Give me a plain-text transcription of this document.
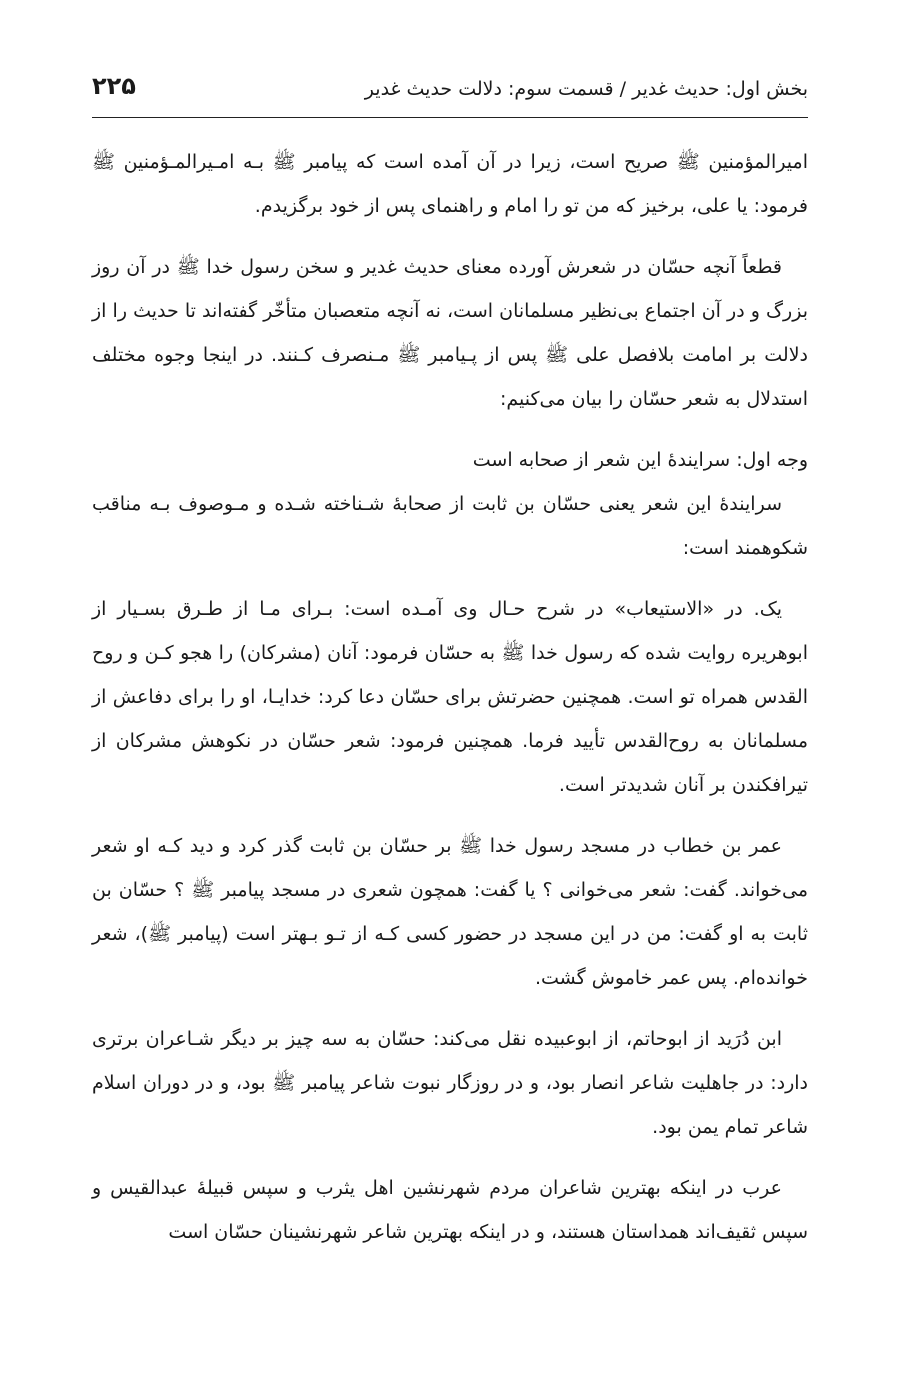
۲۲۵	بخش اول: حدیث غدیر / قسمت سوم: دلالت حدیث غدیر

امیرالمؤمنین ﷺ صریح است، زیرا در آن آمده است که پیامبر ﷺ بـه امـیرالمـؤمنین ﷺ فرمود: یا علی، برخیز که من تو را امام و راهنمای پس از خود برگزیدم.

قطعاً آنچه حسّان در شعرش آورده معنای حدیث غدیر و سخن رسول خدا ﷺ در آن روز بزرگ و در آن اجتماع بی‌نظیر مسلمانان است، نه آنچه متعصبان متأخّر گفته‌اند تا حدیث را از دلالت بر امامت بلافصل علی ﷺ پس از پـیامبر ﷺ مـنصرف کـنند. در اینجا وجوه مختلف استدلال به شعر حسّان را بیان می‌کنیم:

وجه اول: سرایندهٔ این شعر از صحابه است

سرایندهٔ این شعر یعنی حسّان بن ثابت از صحابهٔ شـناخته شـده و مـوصوف بـه مناقب شکوهمند است:

یک. در «الاستیعاب» در شرح حـال وی آمـده است: بـرای مـا از طـرق بسـیار از ابوهریره روایت شده که رسول خدا ﷺ به حسّان فرمود: آنان (مشرکان) را هجو کـن و روح القدس همراه تو است. همچنین حضرتش برای حسّان دعا کرد: خدایـا، او را برای دفاعش از مسلمانان به روح‌القدس تأیید فرما. همچنین فرمود: شعر حسّان در نکوهش مشرکان از تیرافکندن بر آنان شدیدتر است.

عمر بن خطاب در مسجد رسول خدا ﷺ بر حسّان بن ثابت گذر کرد و دید کـه او شعر می‌خواند. گفت: شعر می‌خوانی ؟ یا گفت: همچون شعری در مسجد پیامبر ﷺ ؟ حسّان بن ثابت به او گفت: من در این مسجد در حضور کسی کـه از تـو بـهتر است (پیامبر ﷺ)، شعر خوانده‌ام. پس عمر خاموش گشت.

ابن دُرَید از ابوحاتم، از ابوعبیده نقل می‌کند: حسّان به سه چیز بر دیگر شـاعران برتری دارد: در جاهلیت شاعر انصار بود، و در روزگار نبوت شاعر پیامبر ﷺ بود، و در دوران اسلام شاعر تمام یمن بود.

عرب در اینکه بهترین شاعران مردم شهرنشین اهل یثرب و سپس قبیلهٔ عبدالقیس و سپس ثقیف‌اند همداستان هستند، و در اینکه بهترین شاعر شهرنشینان حسّان است
